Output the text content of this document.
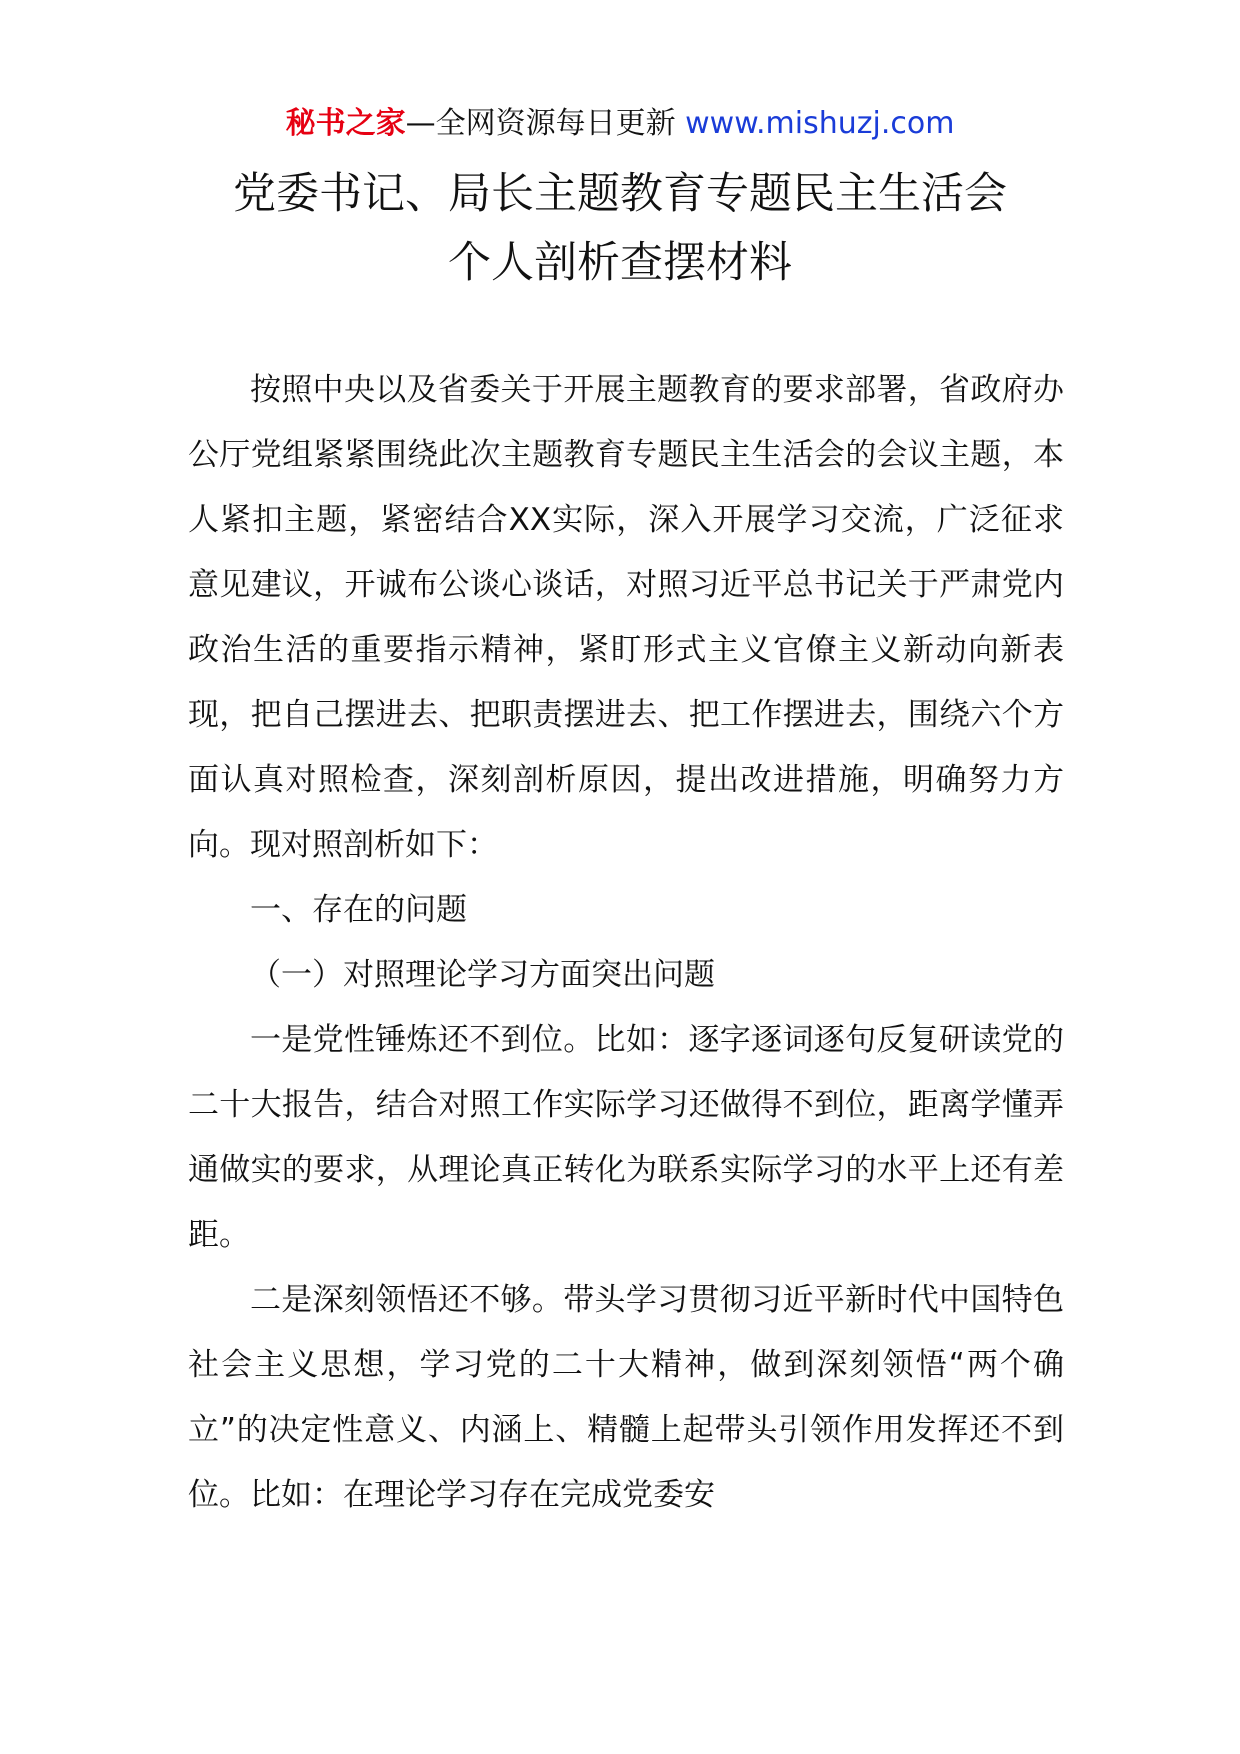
秘书之家—全网资源每日更新 www.mishuzj.com
党委书记、局长主题教育专题民主生活会
个人剖析查摆材料

按照中央以及省委关于开展主题教育的要求部署，省政府办公厅党组紧紧围绕此次主题教育专题民主生活会的会议主题，本人紧扣主题，紧密结合XX实际，深入开展学习交流，广泛征求意见建议，开诚布公谈心谈话，对照习近平总书记关于严肃党内政治生活的重要指示精神，紧盯形式主义官僚主义新动向新表现，把自己摆进去、把职责摆进去、把工作摆进去，围绕六个方面认真对照检查，深刻剖析原因，提出改进措施，明确努力方向。现对照剖析如下：

一、存在的问题

（一）对照理论学习方面突出问题

一是党性锤炼还不到位。比如：逐字逐词逐句反复研读党的二十大报告，结合对照工作实际学习还做得不到位，距离学懂弄通做实的要求，从理论真正转化为联系实际学习的水平上还有差距。

二是深刻领悟还不够。带头学习贯彻习近平新时代中国特色社会主义思想，学习党的二十大精神，做到深刻领悟“两个确立”的决定性意义、内涵上、精髓上起带头引领作用发挥还不到位。比如：在理论学习存在完成党委安
